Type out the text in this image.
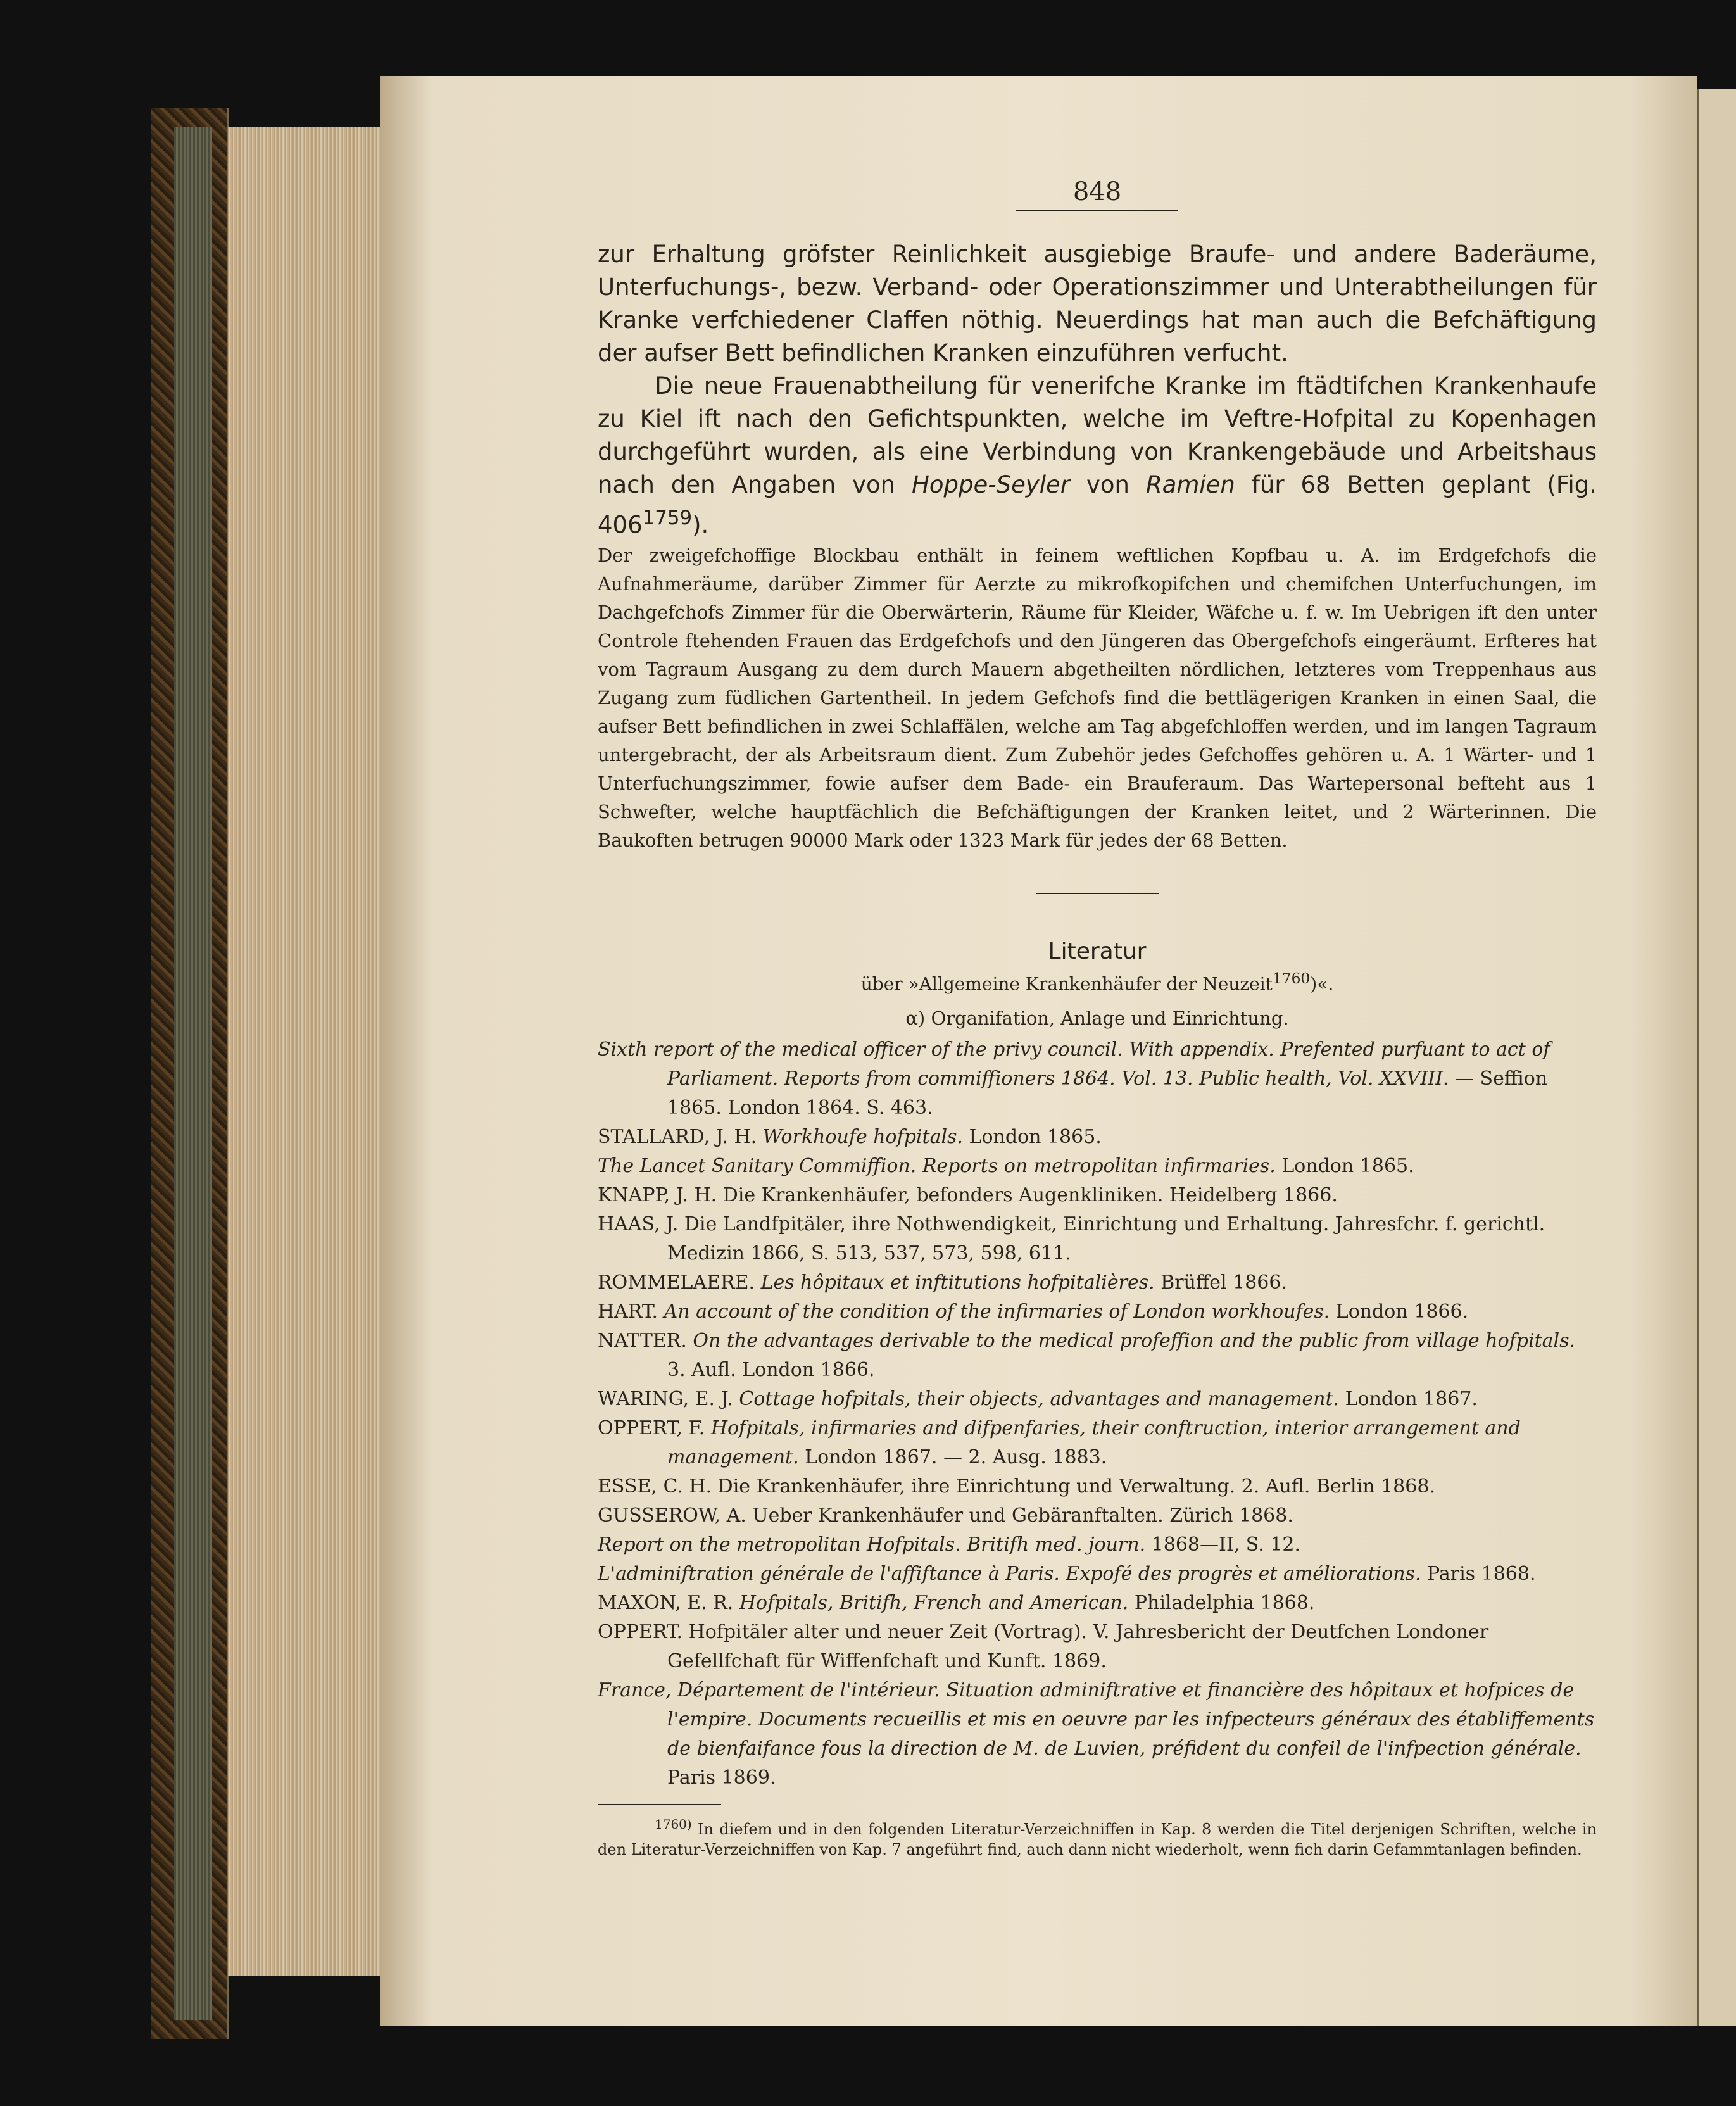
848

zur Erhaltung gröfster Reinlichkeit ausgiebige Braufe- und andere Baderäume, Unterfuchungs-, bezw. Verband- oder Operationszimmer und Unterabtheilungen für Kranke verfchiedener Claffen nöthig. Neuerdings hat man auch die Befchäftigung der aufser Bett befindlichen Kranken einzuführen verfucht.

Die neue Frauenabtheilung für venerifche Kranke im ftädtifchen Krankenhaufe zu Kiel ift nach den Gefichtspunkten, welche im Veftre-Hofpital zu Kopenhagen durchgeführt wurden, als eine Verbindung von Krankengebäude und Arbeitshaus nach den Angaben von Hoppe-Seyler von Ramien für 68 Betten geplant (Fig. $406^{1759}$).

Der zweigefchoffige Blockbau enthält in feinem weftlichen Kopfbau u. A. im Erdgefchofs die Aufnahmeräume, darüber Zimmer für Aerzte zu mikrofkopifchen und chemifchen Unterfuchungen, im Dachgefchofs Zimmer für die Oberwärterin, Räume für Kleider, Wäfche u. f. w. Im Uebrigen ift den unter Controle ftehenden Frauen das Erdgefchofs und den Jüngeren das Obergefchofs eingeräumt. Erfteres hat vom Tagraum Ausgang zu dem durch Mauern abgetheilten nördlichen, letzteres vom Treppenhaus aus Zugang zum füdlichen Gartentheil. In jedem Gefchofs find die bettlägerigen Kranken in einen Saal, die aufser Bett befindlichen in zwei Schlaffälen, welche am Tag abgefchloffen werden, und im langen Tagraum untergebracht, der als Arbeitsraum dient. Zum Zubehör jedes Gefchoffes gehören u. A. 1 Wärter- und 1 Unterfuchungszimmer, fowie aufser dem Bade- ein Brauferaum. Das Wartepersonal befteht aus 1 Schwefter, welche hauptfächlich die Befchäftigungen der Kranken leitet, und 2 Wärterinnen. Die Baukoften betrugen 90000 Mark oder 1323 Mark für jedes der 68 Betten.

Literatur

über »Allgemeine Krankenhäufer der Neuzeit$^{1760}$)«.

α) Organifation, Anlage und Einrichtung.

Sixth report of the medical officer of the privy council. With appendix. Prefented purfuant to act of Parliament. Reports from commiffioners 1864. Vol. 13. Public health, Vol. XXVIII. — Seffion 1865. London 1864. S. 463.

STALLARD, J. H. Workhoufe hofpitals. London 1865.

The Lancet Sanitary Commiffion. Reports on metropolitan infirmaries. London 1865.

KNAPP, J. H. Die Krankenhäufer, befonders Augenkliniken. Heidelberg 1866.

HAAS, J. Die Landfpitäler, ihre Nothwendigkeit, Einrichtung und Erhaltung. Jahresfchr. f. gerichtl. Medizin 1866, S. 513, 537, 573, 598, 611.

ROMMELAERE. Les hôpitaux et inftitutions hofpitalières. Brüffel 1866.

HART. An account of the condition of the infirmaries of London workhoufes. London 1866.

NATTER. On the advantages derivable to the medical profeffion and the public from village hofpitals. 3. Aufl. London 1866.

WARING, E. J. Cottage hofpitals, their objects, advantages and management. London 1867.

OPPERT, F. Hofpitals, infirmaries and difpenfaries, their conftruction, interior arrangement and management. London 1867. — 2. Ausg. 1883.

ESSE, C. H. Die Krankenhäufer, ihre Einrichtung und Verwaltung. 2. Aufl. Berlin 1868.

GUSSEROW, A. Ueber Krankenhäufer und Gebäranftalten. Zürich 1868.

Report on the metropolitan Hofpitals. Britifh med. journ. 1868—II, S. 12.

L'adminiftration générale de l'affiftance à Paris. Expofé des progrès et améliorations. Paris 1868.

MAXON, E. R. Hofpitals, Britifh, French and American. Philadelphia 1868.

OPPERT. Hofpitäler alter und neuer Zeit (Vortrag). V. Jahresbericht der Deutfchen Londoner Gefellfchaft für Wiffenfchaft und Kunft. 1869.

France, Département de l'intérieur. Situation adminiftrative et financière des hôpitaux et hofpices de l'empire. Documents recueillis et mis en oeuvre par les infpecteurs généraux des établiffements de bienfaifance fous la direction de M. de Luvien, préfident du confeil de l'infpection générale. Paris 1869.

$^{1760)}$ In diefem und in den folgenden Literatur-Verzeichniffen in Kap. 8 werden die Titel derjenigen Schriften, welche in den Literatur-Verzeichniffen von Kap. 7 angeführt find, auch dann nicht wiederholt, wenn fich darin Gefammtanlagen befinden.
